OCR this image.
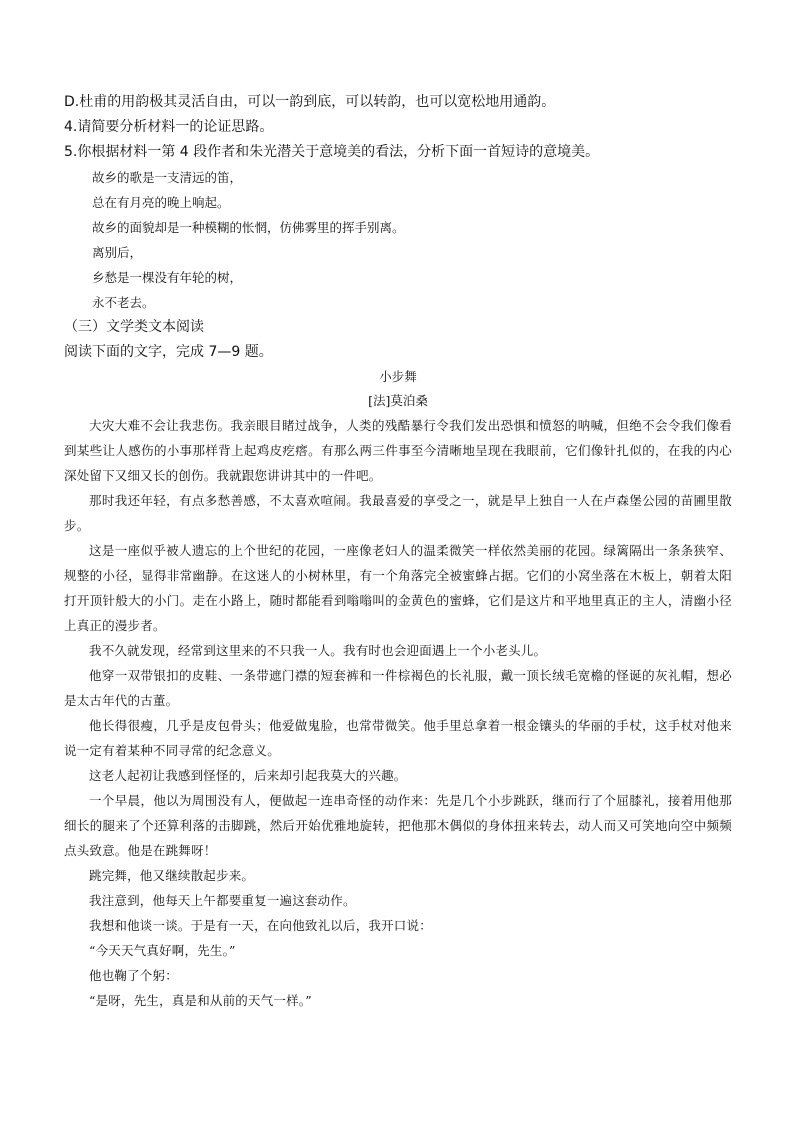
D.杜甫的用韵极其灵活自由，可以一韵到底，可以转韵，也可以宽松地用通韵。
4.请简要分析材料一的论证思路。
5.你根据材料一第 4 段作者和朱光潜关于意境美的看法，分析下面一首短诗的意境美。
故乡的歌是一支清远的笛，
总在有月亮的晚上响起。
故乡的面貌却是一种模糊的怅惘，仿佛雾里的挥手别离。
离别后，
乡愁是一棵没有年轮的树，
永不老去。
（三）文学类文本阅读
阅读下面的文字，完成 7—9 题。
小步舞
[法]莫泊桑

大灾大难不会让我悲伤。我亲眼目睹过战争，人类的残酷暴行令我们发出恐惧和愤怒的呐喊，但绝不会令我们像看到某些让人感伤的小事那样背上起鸡皮疙瘩。有那么两三件事至今清晰地呈现在我眼前，它们像针扎似的，在我的内心深处留下又细又长的创伤。我就跟您讲讲其中的一件吧。

那时我还年轻，有点多愁善感，不太喜欢喧闹。我最喜爱的享受之一，就是早上独自一人在卢森堡公园的苗圃里散步。

这是一座似乎被人遗忘的上个世纪的花园，一座像老妇人的温柔微笑一样依然美丽的花园。绿篱隔出一条条狭窄、规整的小径，显得非常幽静。在这迷人的小树林里，有一个角落完全被蜜蜂占据。它们的小窝坐落在木板上，朝着太阳打开顶针般大的小门。走在小路上，随时都能看到嗡嗡叫的金黄色的蜜蜂，它们是这片和平地里真正的主人，清幽小径上真正的漫步者。

我不久就发现，经常到这里来的不只我一人。我有时也会迎面遇上一个小老头儿。

他穿一双带银扣的皮鞋、一条带遮门襟的短套裤和一件棕褐色的长礼服，戴一顶长绒毛宽檐的怪诞的灰礼帽，想必是太古年代的古董。

他长得很瘦，几乎是皮包骨头；他爱做鬼脸，也常带微笑。他手里总拿着一根金镶头的华丽的手杖，这手杖对他来说一定有着某种不同寻常的纪念意义。

这老人起初让我感到怪怪的，后来却引起我莫大的兴趣。

一个早晨，他以为周围没有人，便做起一连串奇怪的动作来：先是几个小步跳跃，继而行了个屈膝礼，接着用他那细长的腿来了个还算利落的击脚跳，然后开始优雅地旋转，把他那木偶似的身体扭来转去，动人而又可笑地向空中频频点头致意。他是在跳舞呀！

跳完舞，他又继续散起步来。

我注意到，他每天上午都要重复一遍这套动作。

我想和他谈一谈。于是有一天，在向他致礼以后，我开口说：

“今天天气真好啊，先生。”

他也鞠了个躬：

“是呀，先生，真是和从前的天气一样。”
